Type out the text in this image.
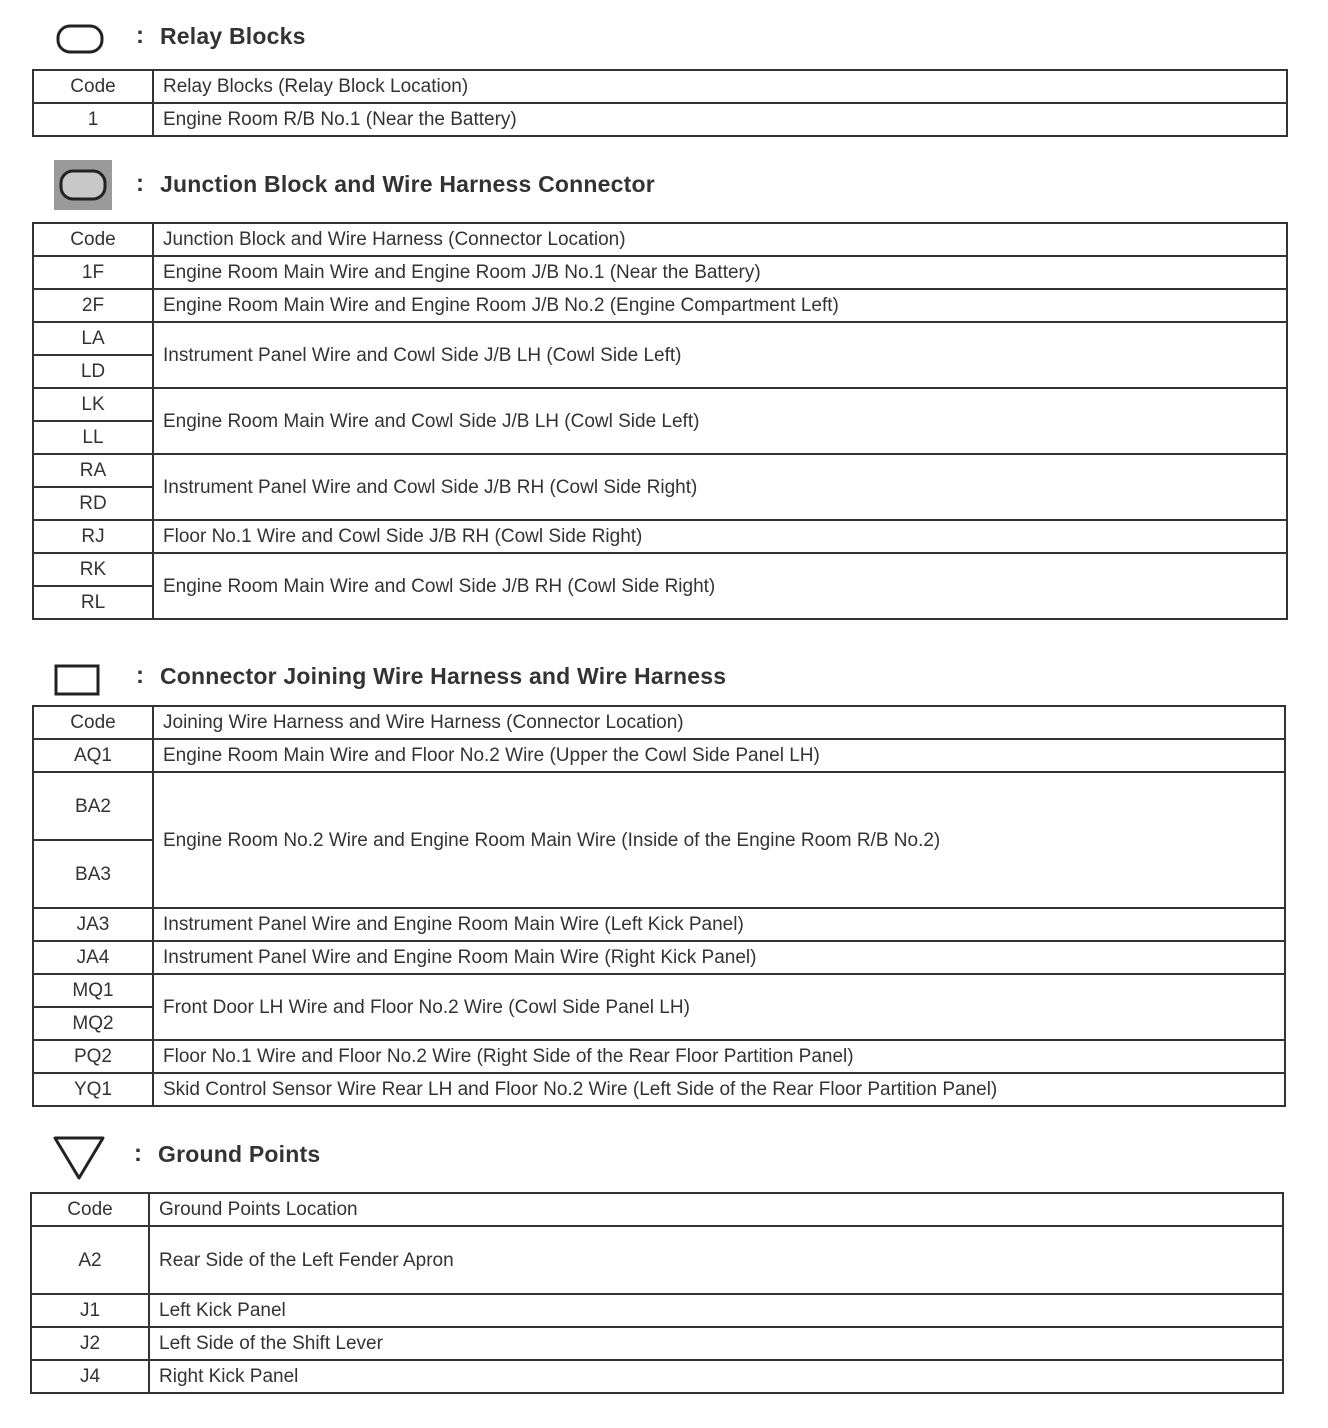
: Relay Blocks
Code	Relay Blocks (Relay Block Location)
1	Engine Room R/B No.1 (Near the Battery)
: Junction Block and Wire Harness Connector
Code	Junction Block and Wire Harness (Connector Location)
1F	Engine Room Main Wire and Engine Room J/B No.1 (Near the Battery)
2F	Engine Room Main Wire and Engine Room J/B No.2 (Engine Compartment Left)
LA	Instrument Panel Wire and Cowl Side J/B LH (Cowl Side Left)
LD	
LK	Engine Room Main Wire and Cowl Side J/B LH (Cowl Side Left)
LL	
RA	Instrument Panel Wire and Cowl Side J/B RH (Cowl Side Right)
RD	
RJ	Floor No.1 Wire and Cowl Side J/B RH (Cowl Side Right)
RK	Engine Room Main Wire and Cowl Side J/B RH (Cowl Side Right)
RL	
: Connector Joining Wire Harness and Wire Harness
Code	Joining Wire Harness and Wire Harness (Connector Location)
AQ1	Engine Room Main Wire and Floor No.2 Wire (Upper the Cowl Side Panel LH)
BA2	Engine Room No.2 Wire and Engine Room Main Wire (Inside of the Engine Room R/B No.2)
BA3	
JA3	Instrument Panel Wire and Engine Room Main Wire (Left Kick Panel)
JA4	Instrument Panel Wire and Engine Room Main Wire (Right Kick Panel)
MQ1	Front Door LH Wire and Floor No.2 Wire (Cowl Side Panel LH)
MQ2	
PQ2	Floor No.1 Wire and Floor No.2 Wire (Right Side of the Rear Floor Partition Panel)
YQ1	Skid Control Sensor Wire Rear LH and Floor No.2 Wire (Left Side of the Rear Floor Partition Panel)
: Ground Points
Code	Ground Points Location
A2	Rear Side of the Left Fender Apron
J1	Left Kick Panel
J2	Left Side of the Shift Lever
J4	Right Kick Panel
